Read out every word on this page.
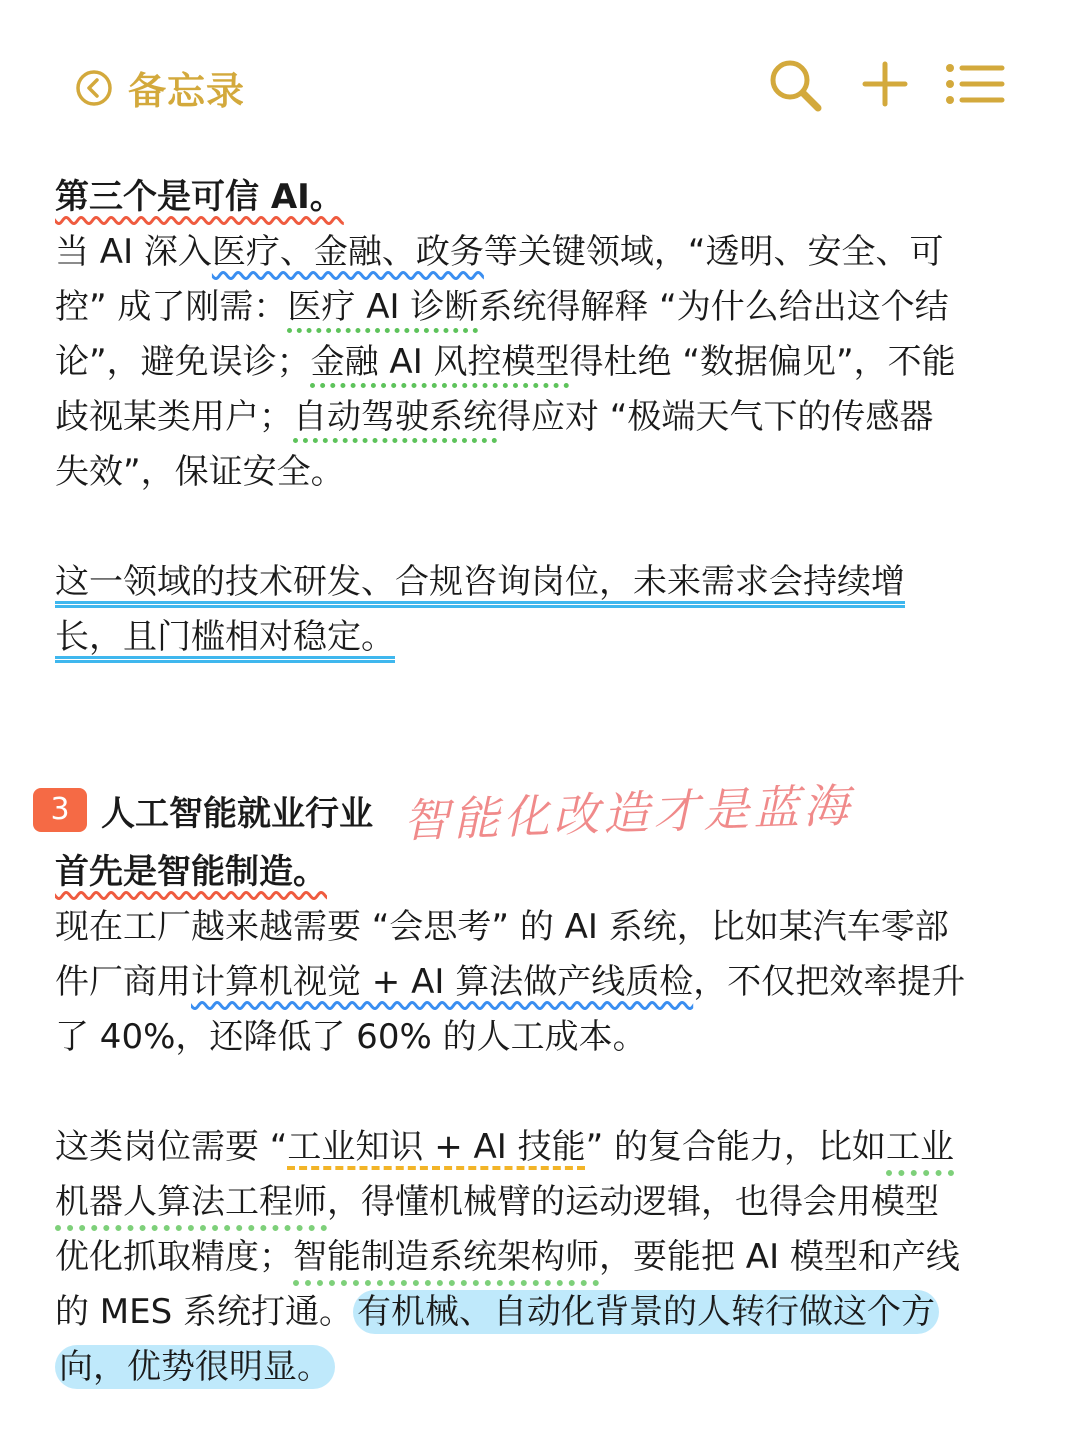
备忘录
第三个是可信 AI。
当 AI 深入医疗、金融、政务等关键领域，“透明、安全、可
控” 成了刚需：医疗 AI 诊断系统得解释 “为什么给出这个结
论”，避免误诊；金融 AI 风控模型得杜绝 “数据偏见”，不能
歧视某类用户；自动驾驶系统得应对 “极端天气下的传感器
失效”，保证安全。
这一领域的技术研发、合规咨询岗位，未来需求会持续增
长，且门槛相对稳定。
3 人工智能就业行业 智能化改造才是蓝海
首先是智能制造。
现在工厂越来越需要 “会思考” 的 AI 系统，比如某汽车零部
件厂商用计算机视觉 + AI 算法做产线质检，不仅把效率提升
了 40%，还降低了 60% 的人工成本。
这类岗位需要 “工业知识 + AI 技能” 的复合能力，比如工业
机器人算法工程师，得懂机械臂的运动逻辑，也得会用模型
优化抓取精度；智能制造系统架构师，要能把 AI 模型和产线
的 MES 系统打通。 有机械、自动化背景的人转行做这个方
向，优势很明显。
